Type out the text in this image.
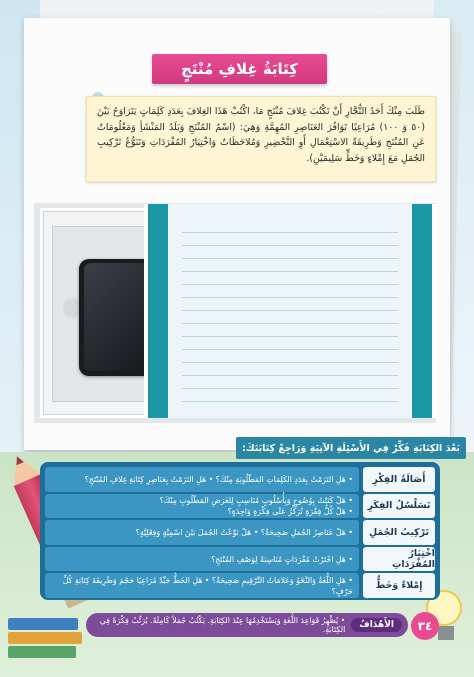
كِتَابَةُ غِلافِ مُنْتَجٍ
طَلَبَ مِنْكَ أَحَدُ التُّجَّارِ أَنْ تَكْتُبَ غِلافَ مُنْتَجٍ مَا، اكْتُبْ هَذَا الغِلافَ بِعَدَدِ كَلِمَاتٍ يَتَرَاوَحُ بَيْنَ (٥٠ وَ ١٠٠) مُرَاعِيًا تَوَافُرَ العَنَاصِرِ المُهِمَّةِ وَهِيَ: (اسْمُ المُنْتَجِ وَبَلَدُ المَنْشَأِ وَمَعْلُومَاتٌ عَنِ المُنْتَجِ وَطَرِيقَةُ الاسْتِعْمَالِ أَوِ التَّحْضِيرِ وَمُلاحَظَاتٌ وَاخْتِيَارُ المُفْرَدَاتِ وَتَنَوُّعُ تَرْكِيبِ الجُمَلِ مَعَ إِمْلاءٍ وَخَطٍّ سَلِيمَيْنِ).
بَعْدَ الكِتَابَةِ فَكِّرْ فِي الأَسْئِلَةِ الآتِيَةِ وَرَاجِعْ كِتَابَتَكَ:
أَصَالَةُ الفِكْرِ
• هَلِ التَزَمْتُ بِعَدَدِ الكَلِمَاتِ المَطْلُوبَةِ مِنْكَ؟ • هَلِ التَزَمْتُ بِعَنَاصِرِ كِتَابَةِ غِلافِ المُنْتَجِ؟
تَسَلْسُلُ الفِكَرِ
• هَلْ كَتَبْتُ بِوُضُوحٍ وَبِأُسْلُوبٍ مُنَاسِبٍ لِلغَرَضِ المَطْلُوبِ مِنْكَ؟
• هَلْ كُلُّ فِقْرَةٍ تُرَكِّزُ عَلَى فِكْرَةٍ وَاحِدَةٍ؟
تَرْكِيبُ الجُمَلِ
• هَلْ عَنَاصِرُ الجُمَلِ صَحِيحَةٌ؟ • هَلْ نَوَّعْتُ الجُمَلَ بَيْنَ اسْمِيَّةٍ وَفِعْلِيَّةٍ؟
اخْتِيَارُ المُفْرَدَاتِ
• هَلِ اخْتَرْتُ مُفْرَدَاتٍ مُنَاسِبَةً لِوَصْفِ المُنْتَجِ؟
إِمْلاءٌ وَخَطٌّ
• هَلِ اللُّغَةُ وَالنَّحْوُ وَعَلامَاتُ التَّرْقِيمِ صَحِيحَةٌ؟ • هَلِ الخَطُّ جَيِّدٌ مُرَاعِيًا حَجْمَ وَطَرِيقَةَ كِتَابَةِ كُلِّ حَرْفٍ؟
الأَهْدَافُ
• يُظْهِرُ قَوَاعِدَ اللُّغَةِ وَيَسْتَخْدِمُهَا عِنْدَ الكِتَابَةِ. يَكْتُبُ جُمَلاً كَامِلَةً. يُرَتِّبُ فِكْرَةً فِي الكِتَابَةِ.	٣٤
